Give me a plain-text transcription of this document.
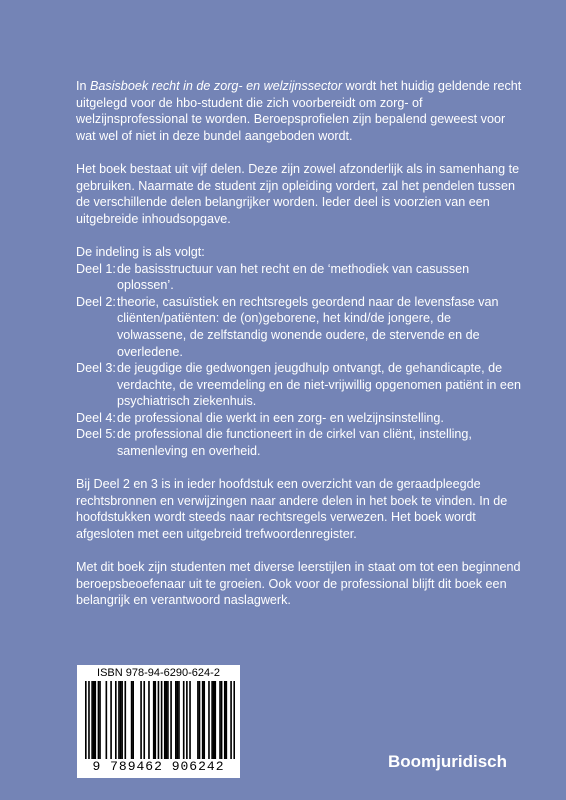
In Basisboek recht in de zorg- en welzijnssector wordt het huidig geldende recht uitgelegd voor de hbo-student die zich voorbereidt om zorg- of welzijnsprofessional te worden. Beroepsprofielen zijn bepalend geweest voor wat wel of niet in deze bundel aangeboden wordt.

Het boek bestaat uit vijf delen. Deze zijn zowel afzonderlijk als in samenhang te gebruiken. Naarmate de student zijn opleiding vordert, zal het pendelen tussen de verschillende delen belangrijker worden. Ieder deel is voorzien van een uitgebreide inhoudsopgave.

De indeling is als volgt:
Deel 1: de basisstructuur van het recht en de ‘methodiek van casussen oplossen’.
Deel 2: theorie, casuïstiek en rechtsregels geordend naar de levensfase van cliënten/patiënten: de (on)geborene, het kind/de jongere, de volwassene, de zelfstandig wonende oudere, de stervende en de overledene.
Deel 3: de jeugdige die gedwongen jeugdhulp ontvangt, de gehandicapte, de verdachte, de vreemdeling en de niet-vrijwillig opgenomen patiënt in een psychiatrisch ziekenhuis.
Deel 4: de professional die werkt in een zorg- en welzijnsinstelling.
Deel 5: de professional die functioneert in de cirkel van cliënt, instelling, samenleving en overheid.

Bij Deel 2 en 3 is in ieder hoofdstuk een overzicht van de geraadpleegde rechtsbronnen en verwijzingen naar andere delen in het boek te vinden. In de hoofdstukken wordt steeds naar rechtsregels verwezen. Het boek wordt afgesloten met een uitgebreid trefwoordenregister.

Met dit boek zijn studenten met diverse leerstijlen in staat om tot een beginnend beroepsbeoefenaar uit te groeien. Ook voor de professional blijft dit boek een belangrijk en verantwoord naslagwerk.

ISBN 978-94-6290-624-2
9 789462 906242	Boomjuridisch
